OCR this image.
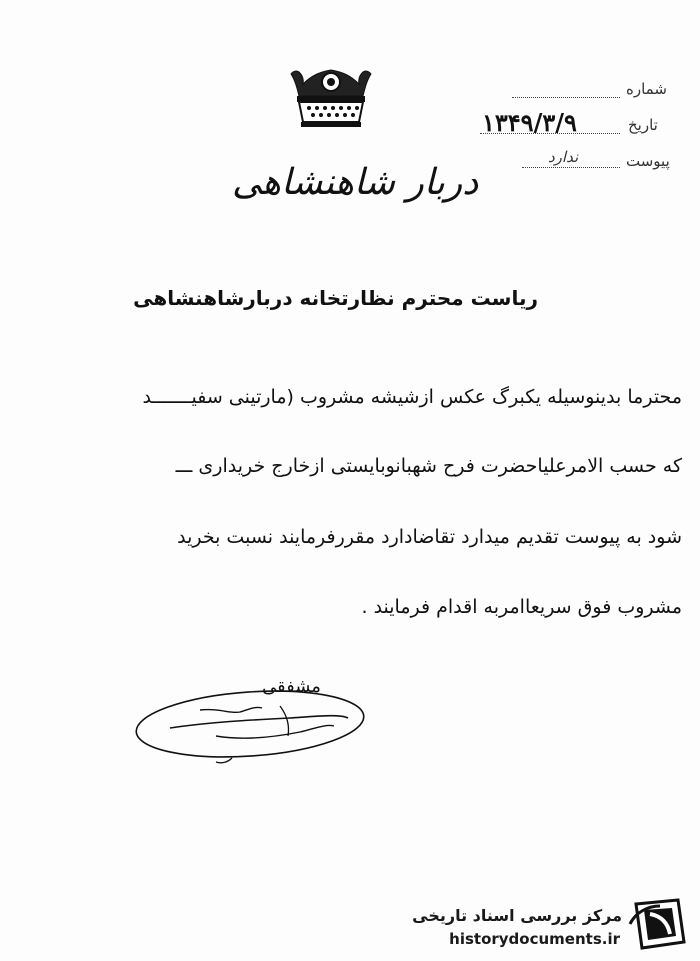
دربار شاهنشاهی
شماره
۱۳۴۹/۳/۹	تاریخ
ندارد	پیوست
ریاست محترم نظارتخانه دربارشاهنشاهی
محترما بدینوسیله یکبرگ عکس ازشیشه مشروب (مارتینی سفیـــــــد
که حسب الامرعلیاحضرت فرح شهبانوبایستی ازخارج خریداری ـــ
شود به پیوست تقدیم میدارد تقاضادارد مقررفرمایند نسبت بخرید
مشروب فوق سریعاامربه اقدام فرمایند .
مشفقی
مرکز بررسی اسناد تاریخی
historydocuments.ir
